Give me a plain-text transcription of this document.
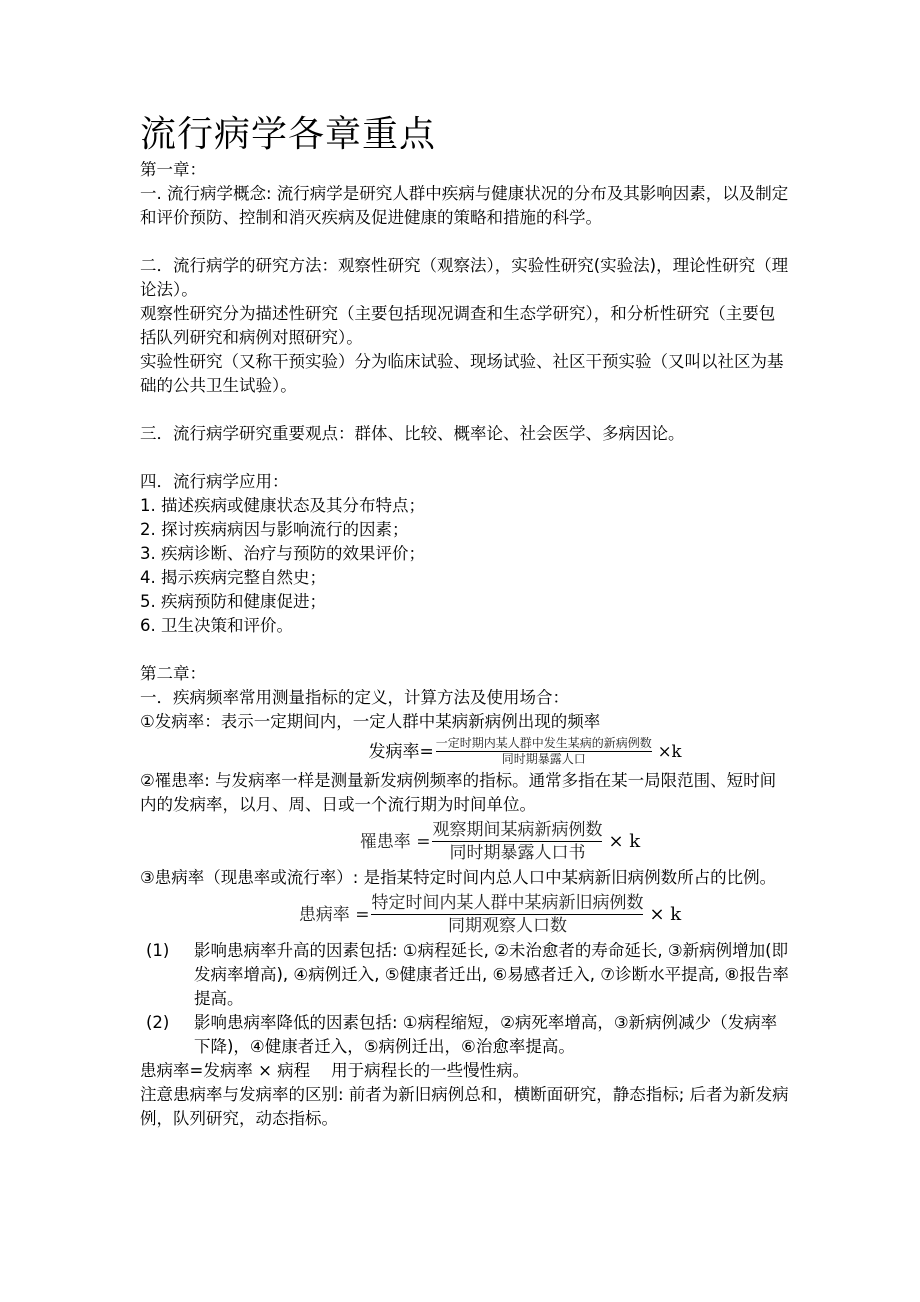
流行病学各章重点

第一章：

一. 流行病学概念: 流行病学是研究人群中疾病与健康状况的分布及其影响因素，以及制定和评价预防、控制和消灭疾病及促进健康的策略和措施的科学。

二．流行病学的研究方法：观察性研究（观察法），实验性研究(实验法)，理论性研究（理论法）。

观察性研究分为描述性研究（主要包括现况调查和生态学研究），和分析性研究（主要包括队列研究和病例对照研究）。

实验性研究（又称干预实验）分为临床试验、现场试验、社区干预实验（又叫以社区为基础的公共卫生试验）。

三．流行病学研究重要观点：群体、比较、概率论、社会医学、多病因论。

四．流行病学应用：

1. 描述疾病或健康状态及其分布特点；

2. 探讨疾病病因与影响流行的因素；

3. 疾病诊断、治疗与预防的效果评价；

4. 揭示疾病完整自然史；

5. 疾病预防和健康促进；

6. 卫生决策和评价。

第二章：

一．疾病频率常用测量指标的定义，计算方法及使用场合：

①发病率：表示一定期间内，一定人群中某病新病例出现的频率

发病率= $\frac{\text{一定时期内某人群中发生某病的新病例数}}{\text{同时期暴露人口}} \times k$

②罹患率: 与发病率一样是测量新发病例频率的指标。通常多指在某一局限范围、短时间内的发病率，以月、周、日或一个流行期为时间单位。

罹患率 = $\frac{\text{观察期间某病新病例数}}{\text{同时期暴露人口书}} \times k$

③患病率（现患率或流行率）: 是指某特定时间内总人口中某病新旧病例数所占的比例。

患病率 = $\frac{\text{特定时间内某人群中某病新旧病例数}}{\text{同期观察人口数}} \times k$
(1)	影响患病率升高的因素包括: ①病程延长, ②未治愈者的寿命延长, ③新病例增加(即发病率增高), ④病例迁入, ⑤健康者迁出, ⑥易感者迁入, ⑦诊断水平提高, ⑧报告率提高。
(2)	影响患病率降低的因素包括: ①病程缩短，②病死率增高，③新病例减少（发病率下降)，④健康者迁入，⑤病例迁出，⑥治愈率提高。

患病率=发病率 × 病程    用于病程长的一些慢性病。

注意患病率与发病率的区别: 前者为新旧病例总和，横断面研究，静态指标; 后者为新发病例，队列研究，动态指标。
